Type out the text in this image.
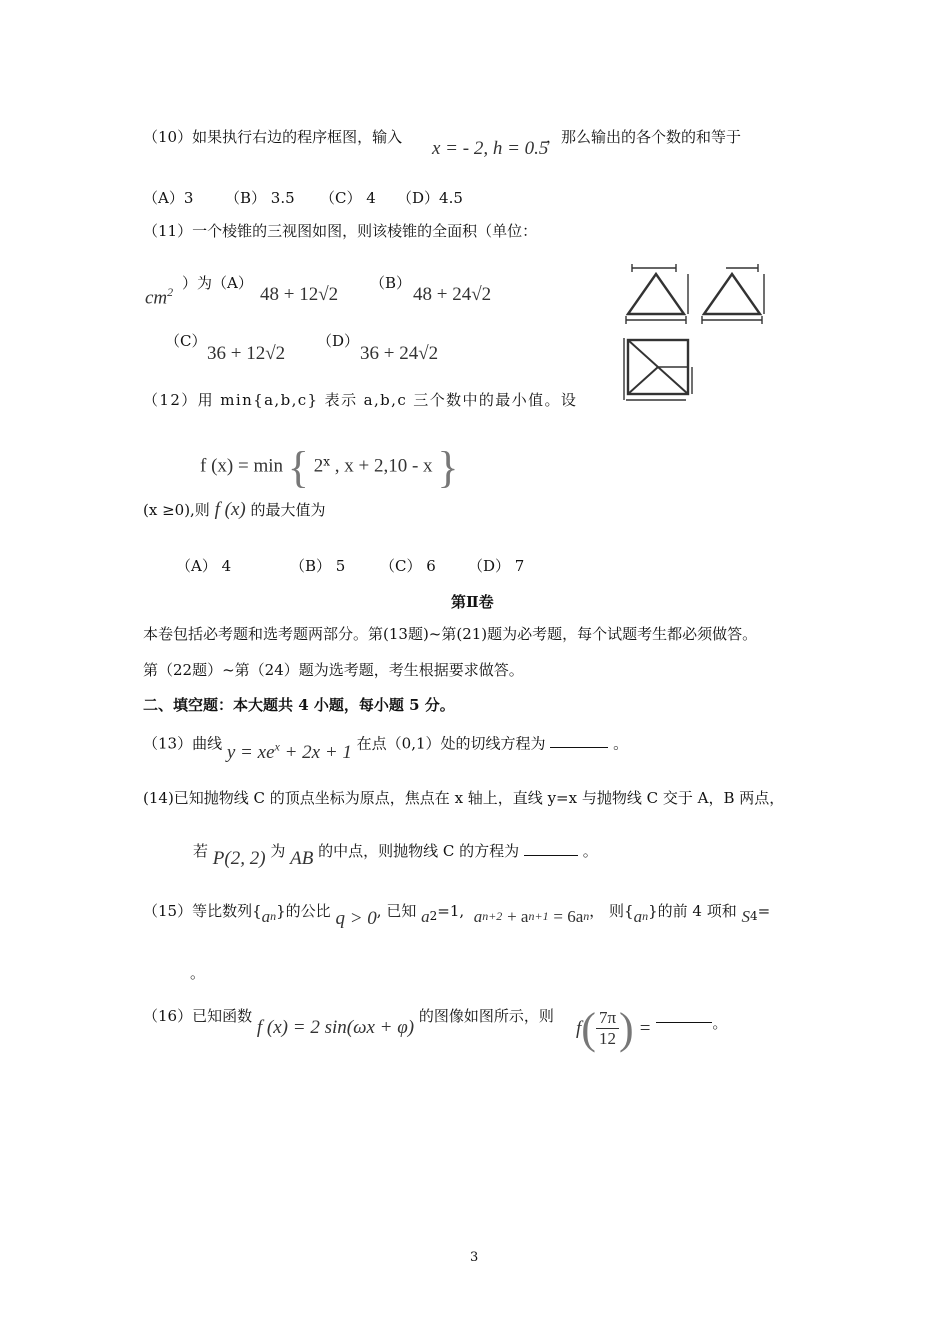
（10）如果执行右边的程序框图，输入
x = - 2, h = 0.5
，那么输出的各个数的和等于
（A）3 （B） 3.5 （C） 4 （D）4.5
（11）一个棱锥的三视图如图，则该棱锥的全面积（单位：
$cm^2$ ）为（A）
48 + 12√2
（B）
48 + 24√2
（C）
36 + 12√2
（D）
36 + 24√2
（12）用 min{a,b,c} 表示 a,b,c 三个数中的最小值。设
f (x) = min { 2$^x$ , x + 2,10 - x }
(x ≥0),则 f (x) 的最大值为
（A） 4	（B） 5 （C） 6 （D） 7
第Ⅱ卷
本卷包括必考题和选考题两部分。第(13题)~第(21)题为必考题，每个试题考生都必须做答。
第（22题）~第（24）题为选考题，考生根据要求做答。
二、填空题：本大题共 4 小题，每小题 5 分。
（13）曲线 $y = xe^x + 2x + 1$ 在点（0,1）处的切线方程为	。
(14)已知抛物线 C 的顶点坐标为原点，焦点在 x 轴上，直线 y=x 与抛物线 C 交于 A，B 两点，
若 P(2, 2) 为 AB 的中点，则抛物线 C 的方程为	。
（15）等比数列$\{a_n\}$的公比 q > 0, 已知 $a_2=1$, $a_{n+2} + a_{n+1} = 6a_n$， 则$\{a_n\}$的前 4 项和 $S_4=$
。
（16）已知函数 f (x) = 2 sin(ωx + φ) 的图像如图所示，则
f ( $\frac{7\pi}{12}$ ) =	。
3
